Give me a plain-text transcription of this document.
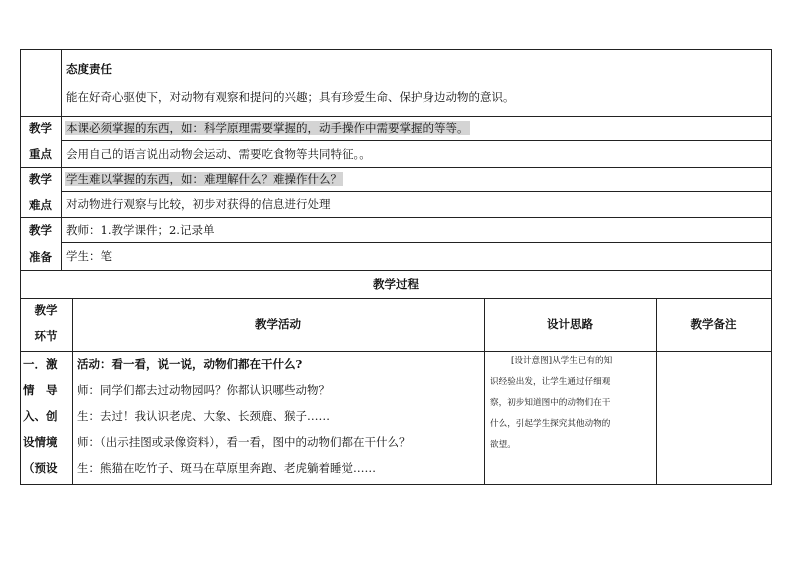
态度责任
能在好奇心驱使下，对动物有观察和提问的兴趣；具有珍爱生命、保护身边动物的意识。
教学
重点
本课必须掌握的东西，如：科学原理需要掌握的，动手操作中需要掌握的等等。
会用自己的语言说出动物会运动、需要吃食物等共同特征。。
教学
难点
学生难以掌握的东西，如：难理解什么？难操作什么？
对动物进行观察与比较，初步对获得的信息进行处理
教学
准备
教师：1.教学课件；2.记录单
学生：笔
教学过程
教学
环节
教学活动	设计思路	教学备注
一．激
情　导
入、创
设情境
（预设
活动：看一看，说一说，动物们都在干什么?
师：同学们都去过动物园吗？你都认识哪些动物？
生：去过！我认识老虎、大象、长颈鹿、猴子……
师：（出示挂图或录像资料），看一看，图中的动物们都在干什么？
生：熊猫在吃竹子、斑马在草原里奔跑、老虎躺着睡觉……
[设计意图]从学生已有的知
识经验出发，让学生通过仔细观
察，初步知道图中的动物们在干
什么，引起学生探究其他动物的
欲望。
